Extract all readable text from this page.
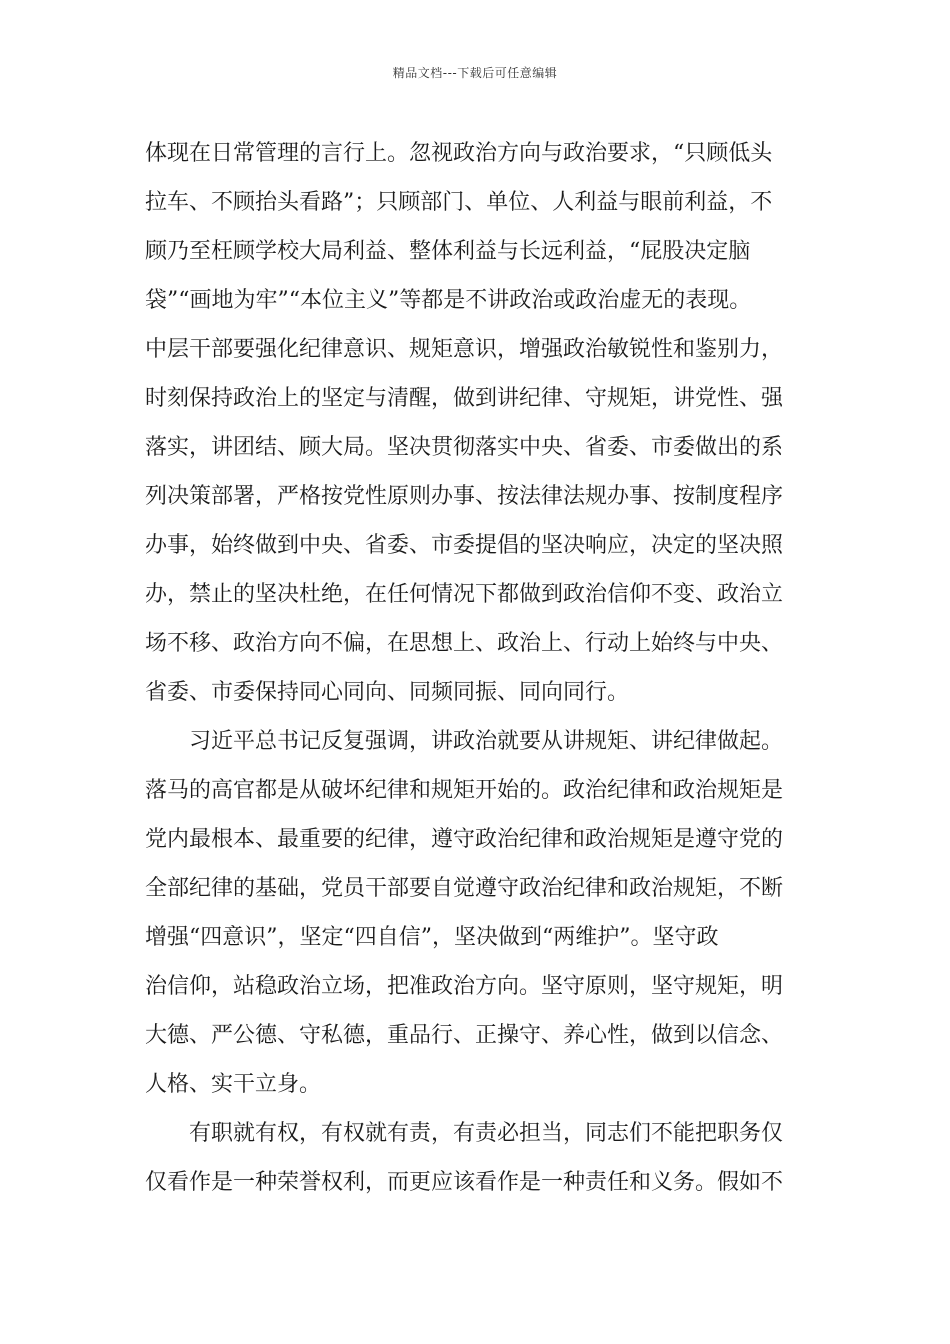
精品文档---下载后可任意编辑
体现在日常管理的言行上。忽视政治方向与政治要求，“只顾低头
拉车、不顾抬头看路”；只顾部门、单位、人利益与眼前利益，不
顾乃至枉顾学校大局利益、整体利益与长远利益，“屁股决定脑
袋”“画地为牢”“本位主义”等都是不讲政治或政治虚无的表现。
中层干部要强化纪律意识、规矩意识，增强政治敏锐性和鉴别力，
时刻保持政治上的坚定与清醒，做到讲纪律、守规矩，讲党性、强
落实，讲团结、顾大局。坚决贯彻落实中央、省委、市委做出的系
列决策部署，严格按党性原则办事、按法律法规办事、按制度程序
办事，始终做到中央、省委、市委提倡的坚决响应，决定的坚决照
办，禁止的坚决杜绝，在任何情况下都做到政治信仰不变、政治立
场不移、政治方向不偏，在思想上、政治上、行动上始终与中央、
省委、市委保持同心同向、同频同振、同向同行。
习近平总书记反复强调，讲政治就要从讲规矩、讲纪律做起。
落马的高官都是从破坏纪律和规矩开始的。政治纪律和政治规矩是
党内最根本、最重要的纪律，遵守政治纪律和政治规矩是遵守党的
全部纪律的基础，党员干部要自觉遵守政治纪律和政治规矩，不断
增强“四意识”，坚定“四自信”，坚决做到“两维护”。坚守政
治信仰，站稳政治立场，把准政治方向。坚守原则，坚守规矩，明
大德、严公德、守私德，重品行、正操守、养心性，做到以信念、
人格、实干立身。
有职就有权，有权就有责，有责必担当，同志们不能把职务仅
仅看作是一种荣誉权利，而更应该看作是一种责任和义务。假如不
